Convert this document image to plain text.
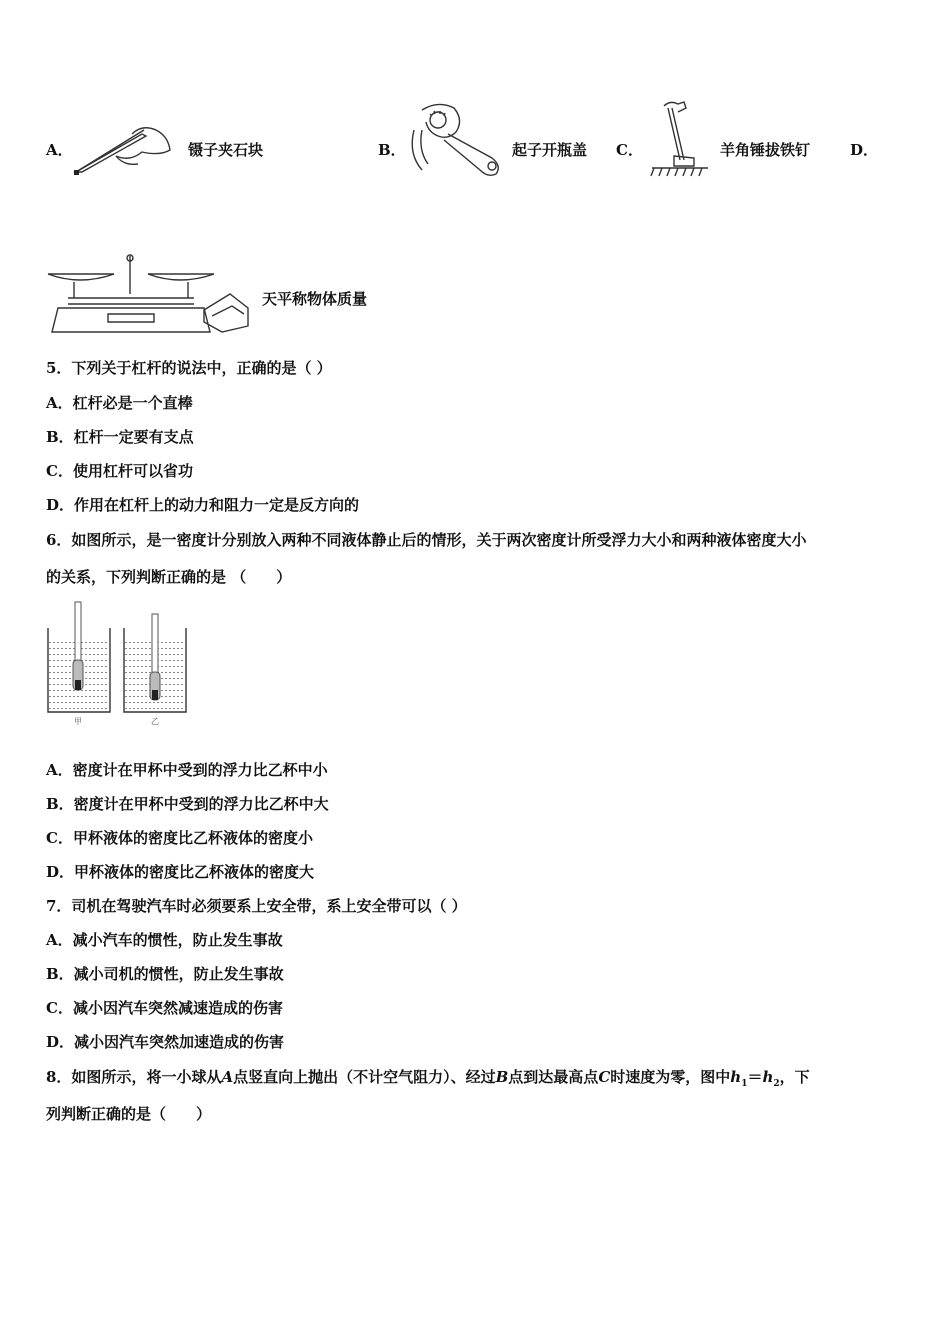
A．	镊子夹石块	B．	起子开瓶盖 C．	羊角锤拔铁钉	D．
天平称物体质量
5．下列关于杠杆的说法中，正确的是（ ）
A．杠杆必是一个直棒
B．杠杆一定要有支点
C．使用杠杆可以省功
D．作用在杠杆上的动力和阻力一定是反方向的
6．如图所示，是一密度计分别放入两种不同液体静止后的情形，关于两次密度计所受浮力大小和两种液体密度大小
的关系，下列判断正确的是 （　　）
甲	乙
A．密度计在甲杯中受到的浮力比乙杯中小
B．密度计在甲杯中受到的浮力比乙杯中大
C．甲杯液体的密度比乙杯液体的密度小
D．甲杯液体的密度比乙杯液体的密度大
7．司机在驾驶汽车时必须要系上安全带，系上安全带可以（ ）
A．减小汽车的惯性，防止发生事故
B．减小司机的惯性，防止发生事故
C．减小因汽车突然减速造成的伤害
D．减小因汽车突然加速造成的伤害
8．如图所示，将一小球从A点竖直向上抛出（不计空气阻力）、经过B点到达最高点C时速度为零，图中$h_1=h_2$，下
列判断正确的是（　　）
